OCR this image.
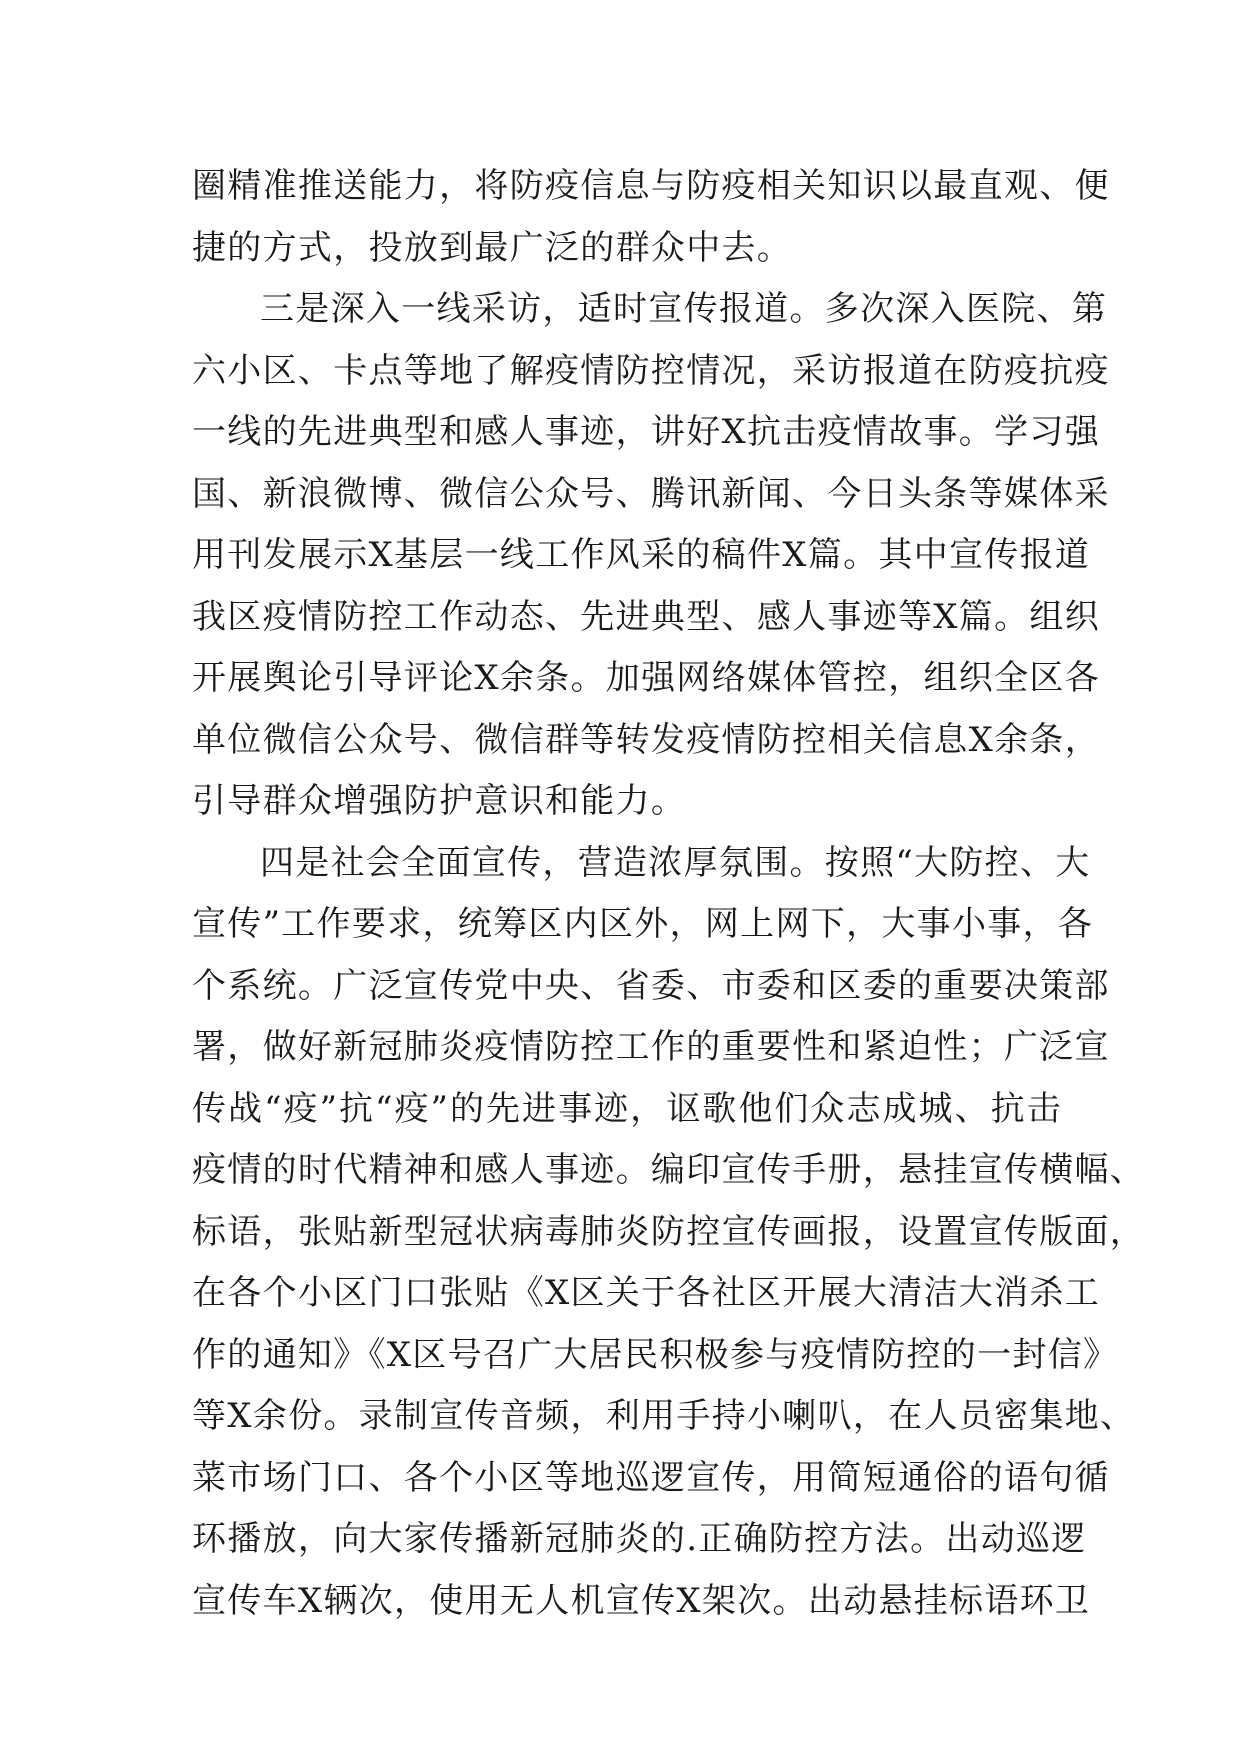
圈精准推送能力，将防疫信息与防疫相关知识以最直观、便
捷的方式，投放到最广泛的群众中去。
三是深入一线采访，适时宣传报道。多次深入医院、第
六小区、卡点等地了解疫情防控情况，采访报道在防疫抗疫
一线的先进典型和感人事迹，讲好X抗击疫情故事。学习强
国、新浪微博、微信公众号、腾讯新闻、今日头条等媒体采
用刊发展示X基层一线工作风采的稿件X篇。其中宣传报道
我区疫情防控工作动态、先进典型、感人事迹等X篇。组织
开展舆论引导评论X余条。加强网络媒体管控，组织全区各
单位微信公众号、微信群等转发疫情防控相关信息X余条，
引导群众增强防护意识和能力。
四是社会全面宣传，营造浓厚氛围。按照“大防控、大
宣传”工作要求，统筹区内区外，网上网下，大事小事，各
个系统。广泛宣传党中央、省委、市委和区委的重要决策部
署，做好新冠肺炎疫情防控工作的重要性和紧迫性；广泛宣
传战“疫”抗“疫”的先进事迹，讴歌他们众志成城、抗击
疫情的时代精神和感人事迹。编印宣传手册，悬挂宣传横幅、
标语，张贴新型冠状病毒肺炎防控宣传画报，设置宣传版面，
在各个小区门口张贴《X区关于各社区开展大清洁大消杀工
作的通知》《X区号召广大居民积极参与疫情防控的一封信》
等X余份。录制宣传音频，利用手持小喇叭，在人员密集地、
菜市场门口、各个小区等地巡逻宣传，用简短通俗的语句循
环播放，向大家传播新冠肺炎的.正确防控方法。出动巡逻
宣传车X辆次，使用无人机宣传X架次。出动悬挂标语环卫
